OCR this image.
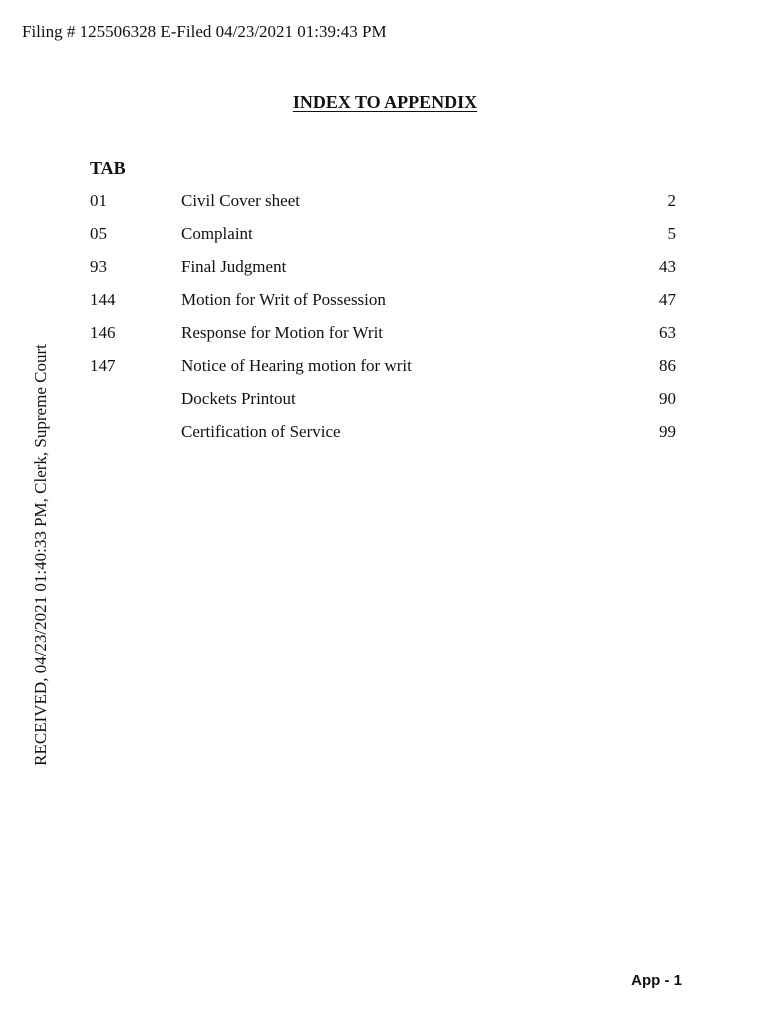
Filing # 125506328 E-Filed 04/23/2021 01:39:43 PM
RECEIVED, 04/23/2021 01:40:33 PM, Clerk, Supreme Court
INDEX TO APPENDIX
TAB
01	Civil Cover sheet	2
05	Complaint	5
93	Final Judgment	43
144	Motion for Writ of Possession	47
146	Response for Motion for Writ	63
147	Notice of Hearing motion for writ	86
Dockets Printout	90
Certification of Service	99
App - 1
